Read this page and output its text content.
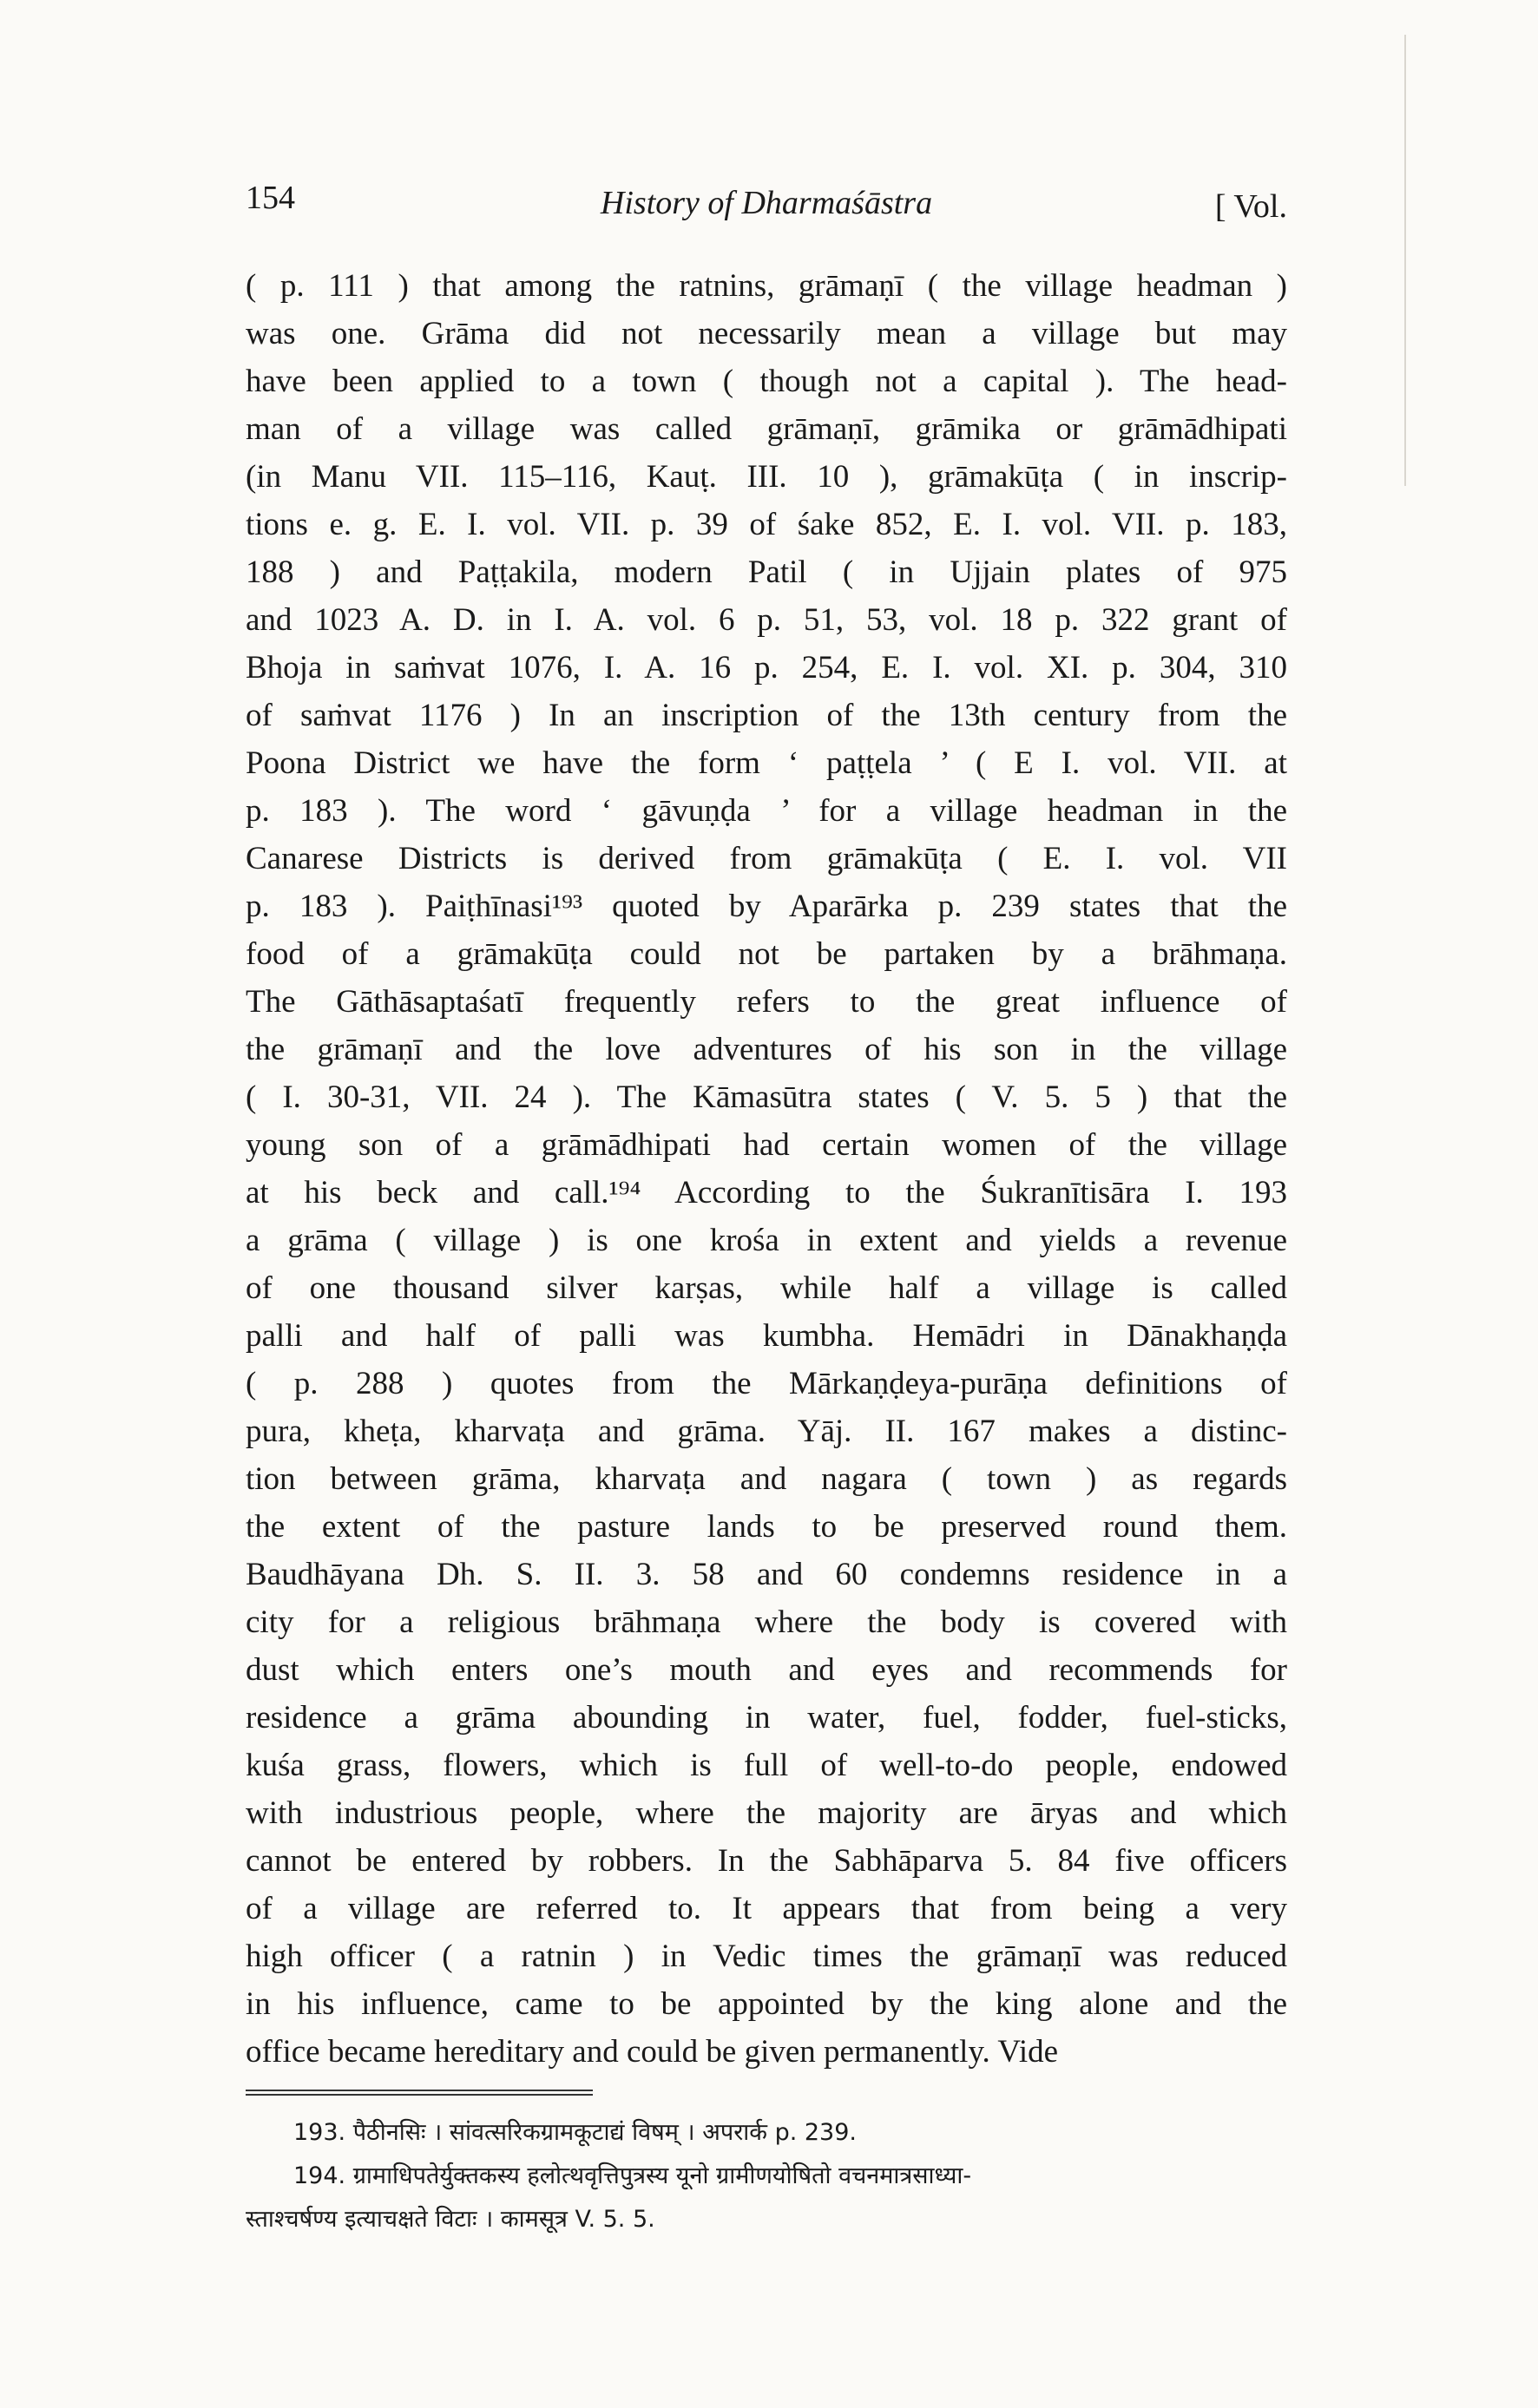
154	History of Dharmaśāstra	[ Vol.
( p. 111 ) that among the ratnins, grāmaṇī ( the village headman )
was one. Grāma did not necessarily mean a village but may
have been applied to a town ( though not a capital ). The head-
man of a village was called grāmaṇī, grāmika or grāmādhipati
(in Manu VII. 115–116, Kauṭ. III. 10 ), grāmakūṭa ( in inscrip-
tions e. g. E. I. vol. VII. p. 39 of śake 852, E. I. vol. VII. p. 183,
188 ) and Paṭṭakila, modern Patil ( in Ujjain plates of 975
and 1023 A. D. in I. A. vol. 6 p. 51, 53, vol. 18 p. 322 grant of
Bhoja in saṁvat 1076, I. A. 16 p. 254, E. I. vol. XI. p. 304, 310
of saṁvat 1176 ) In an inscription of the 13th century from the
Poona District we have the form ‘ paṭṭela ’ ( E I. vol. VII. at
p. 183 ). The word ‘ gāvuṇḍa ’ for a village headman in the
Canarese Districts is derived from grāmakūṭa ( E. I. vol. VII
p. 183 ). Paiṭhīnasi¹⁹³ quoted by Aparārka p. 239 states that the
food of a grāmakūṭa could not be partaken by a brāhmaṇa.
The Gāthāsaptaśatī frequently refers to the great influence of
the grāmaṇī and the love adventures of his son in the village
( I. 30-31, VII. 24 ). The Kāmasūtra states ( V. 5. 5 ) that the
young son of a grāmādhipati had certain women of the village
at his beck and call.¹⁹⁴ According to the Śukranītisāra I. 193
a grāma ( village ) is one krośa in extent and yields a revenue
of one thousand silver karṣas, while half a village is called
palli and half of palli was kumbha. Hemādri in Dānakhaṇḍa
( p. 288 ) quotes from the Mārkaṇḍeya-purāṇa definitions of
pura, kheṭa, kharvaṭa and grāma. Yāj. II. 167 makes a distinc-
tion between grāma, kharvaṭa and nagara ( town ) as regards
the extent of the pasture lands to be preserved round them.
Baudhāyana Dh. S. II. 3. 58 and 60 condemns residence in a
city for a religious brāhmaṇa where the body is covered with
dust which enters one’s mouth and eyes and recommends for
residence a grāma abounding in water, fuel, fodder, fuel-sticks,
kuśa grass, flowers, which is full of well-to-do people, endowed
with industrious people, where the majority are āryas and which
cannot be entered by robbers. In the Sabhāparva 5. 84 five officers
of a village are referred to. It appears that from being a very
high officer ( a ratnin ) in Vedic times the grāmaṇī was reduced
in his influence, came to be appointed by the king alone and the
office became hereditary and could be given permanently. Vide
193. पैठीनसिः । सांवत्सरिकग्रामकूटाद्यं विषम् । अपरार्क p. 239.
194. ग्रामाधिपतेर्युक्तकस्य हलोत्थवृत्तिपुत्रस्य यूनो ग्रामीणयोषितो वचनमात्रसाध्या-
स्ताश्चर्षण्य इत्याचक्षते विटाः । कामसूत्र V. 5. 5.
